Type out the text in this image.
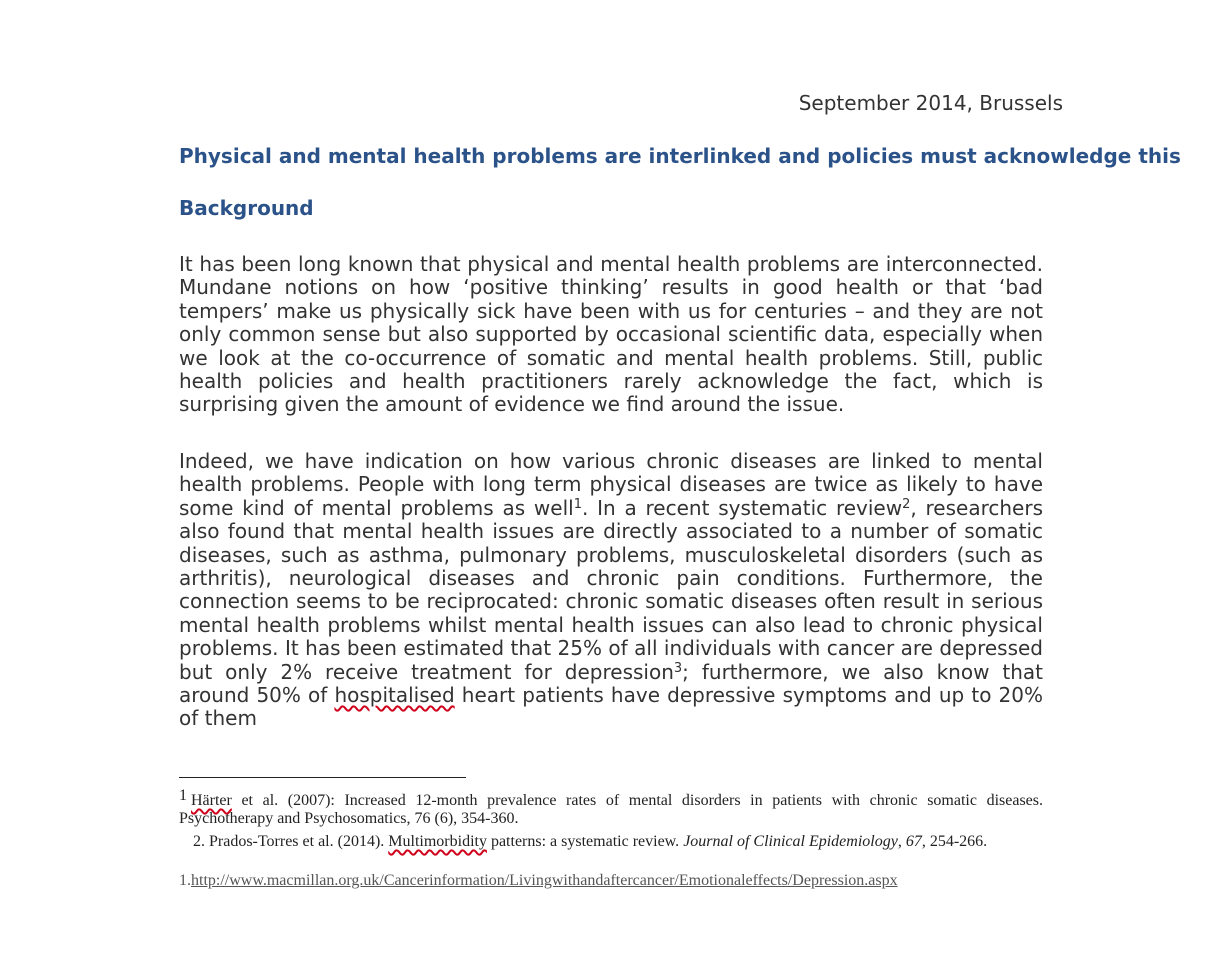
September 2014, Brussels
Physical and mental health problems are interlinked and policies must acknowledge this
Background

It has been long known that physical and mental health problems are interconnected. Mundane notions on how ‘positive thinking’ results in good health or that ‘bad tempers’ make us physically sick have been with us for centuries – and they are not only common sense but also supported by occasional scientific data, especially when we look at the co-occurrence of somatic and mental health problems. Still, public health policies and health practitioners rarely acknowledge the fact, which is surprising given the amount of evidence we find around the issue.

Indeed, we have indication on how various chronic diseases are linked to mental health problems. People with long term physical diseases are twice as likely to have some kind of mental problems as well$^1$. In a recent systematic review$^2$, researchers also found that mental health issues are directly associated to a number of somatic diseases, such as asthma, pulmonary problems, musculoskeletal disorders (such as arthritis), neurological diseases and chronic pain conditions. Furthermore, the connection seems to be reciprocated: chronic somatic diseases often result in serious mental health problems whilst mental health issues can also lead to chronic physical problems. It has been estimated that 25% of all individuals with cancer are depressed but only 2% receive treatment for depression$^3$; furthermore, we also know that around 50% of hospitalised heart patients have depressive symptoms and up to 20% of them

1 Härter et al. (2007): Increased 12-month prevalence rates of mental disorders in patients with chronic somatic diseases. Psychotherapy and Psychosomatics, 76 (6), 354-360.
2. Prados-Torres et al. (2014). Multimorbidity patterns: a systematic review. Journal of Clinical Epidemiology, 67, 254-266.
1.http://www.macmillan.org.uk/Cancerinformation/Livingwithandaftercancer/Emotionaleffects/Depression.aspx
